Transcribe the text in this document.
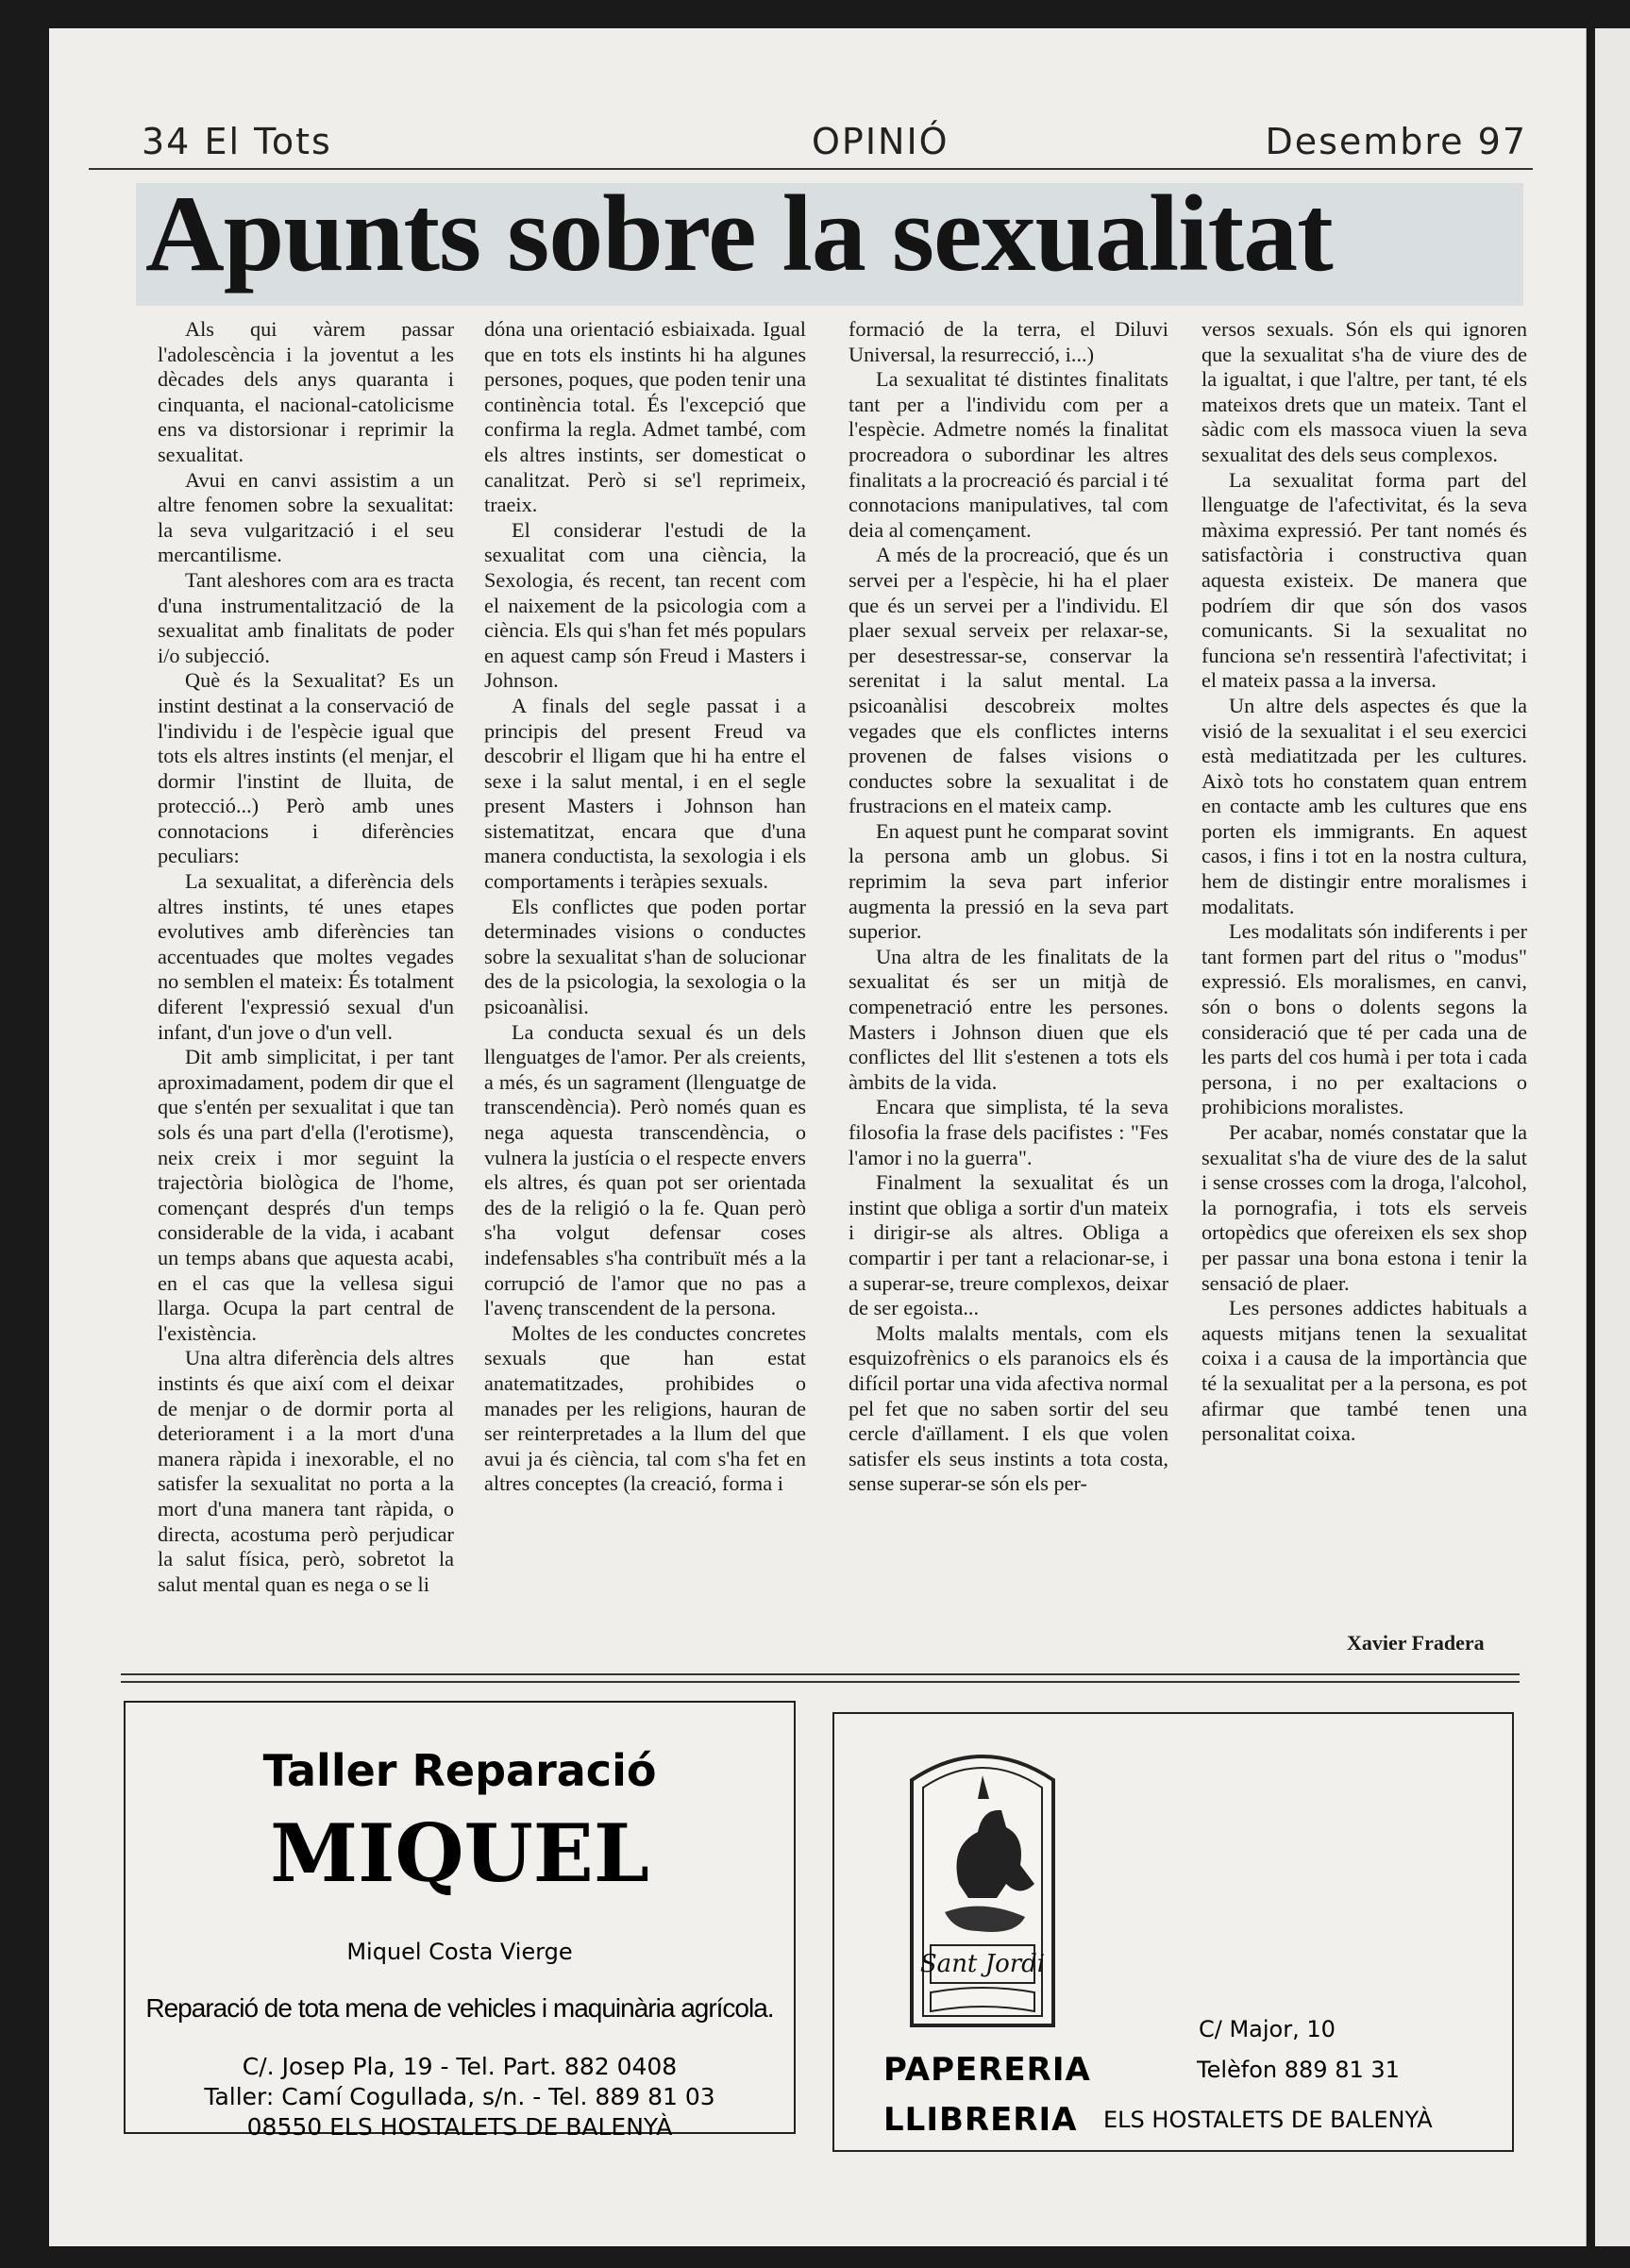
34 El Tots	OPINIÓ	Desembre 97
Apunts sobre la sexualitat

Als qui vàrem passar l'adolescència i la joventut a les dècades dels anys quaranta i cinquanta, el nacional-catolicisme ens va distorsionar i reprimir la sexualitat.

Avui en canvi assistim a un altre fenomen sobre la sexualitat: la seva vulgarització i el seu mercantilisme.

Tant aleshores com ara es tracta d'una instrumentalització de la sexualitat amb finalitats de poder i/o subjecció.

Què és la Sexualitat? Es un instint destinat a la conservació de l'individu i de l'espècie igual que tots els altres instints (el menjar, el dormir l'instint de lluita, de protecció...) Però amb unes connotacions i diferències peculiars:

La sexualitat, a diferència dels altres instints, té unes etapes evolutives amb diferències tan accentuades que moltes vegades no semblen el mateix: És totalment diferent l'expressió sexual d'un infant, d'un jove o d'un vell.

Dit amb simplicitat, i per tant aproximadament, podem dir que el que s'entén per sexualitat i que tan sols és una part d'ella (l'erotisme), neix creix i mor seguint la trajectòria biològica de l'home, començant després d'un temps considerable de la vida, i acabant un temps abans que aquesta acabi, en el cas que la vellesa sigui llarga. Ocupa la part central de l'existència.

Una altra diferència dels altres instints és que així com el deixar de menjar o de dormir porta al deteriorament i a la mort d'una manera ràpida i inexorable, el no satisfer la sexualitat no porta a la mort d'una manera tant ràpida, o directa, acostuma però perjudicar la salut física, però, sobretot la salut mental quan es nega o se li

dóna una orientació esbiaixada. Igual que en tots els instints hi ha algunes persones, poques, que poden tenir una continència total. És l'excepció que confirma la regla. Admet també, com els altres instints, ser domesticat o canalitzat. Però si se'l reprimeix, traeix.

El considerar l'estudi de la sexualitat com una ciència, la Sexologia, és recent, tan recent com el naixement de la psicologia com a ciència. Els qui s'han fet més populars en aquest camp són Freud i Masters i Johnson.

A finals del segle passat i a principis del present Freud va descobrir el lligam que hi ha entre el sexe i la salut mental, i en el segle present Masters i Johnson han sistematitzat, encara que d'una manera conductista, la sexologia i els comportaments i teràpies sexuals.

Els conflictes que poden portar determinades visions o conductes sobre la sexualitat s'han de solucionar des de la psicologia, la sexologia o la psicoanàlisi.

La conducta sexual és un dels llenguatges de l'amor. Per als creients, a més, és un sagrament (llenguatge de transcendència). Però només quan es nega aquesta transcendència, o vulnera la justícia o el respecte envers els altres, és quan pot ser orientada des de la religió o la fe. Quan però s'ha volgut defensar coses indefensables s'ha contribuït més a la corrupció de l'amor que no pas a l'avenç transcendent de la persona.

Moltes de les conductes concretes sexuals que han estat anatematitzades, prohibides o manades per les religions, hauran de ser reinterpretades a la llum del que avui ja és ciència, tal com s'ha fet en altres conceptes (la creació, forma i

formació de la terra, el Diluvi Universal, la resurrecció, i...)

La sexualitat té distintes finalitats tant per a l'individu com per a l'espècie. Admetre només la finalitat procreadora o subordinar les altres finalitats a la procreació és parcial i té connotacions manipulatives, tal com deia al començament.

A més de la procreació, que és un servei per a l'espècie, hi ha el plaer que és un servei per a l'individu. El plaer sexual serveix per relaxar-se, per desestressar-se, conservar la serenitat i la salut mental. La psicoanàlisi descobreix moltes vegades que els conflictes interns provenen de falses visions o conductes sobre la sexualitat i de frustracions en el mateix camp.

En aquest punt he comparat sovint la persona amb un globus. Si reprimim la seva part inferior augmenta la pressió en la seva part superior.

Una altra de les finalitats de la sexualitat és ser un mitjà de compenetració entre les persones. Masters i Johnson diuen que els conflictes del llit s'estenen a tots els àmbits de la vida.

Encara que simplista, té la seva filosofia la frase dels pacifistes : "Fes l'amor i no la guerra".

Finalment la sexualitat és un instint que obliga a sortir d'un mateix i dirigir-se als altres. Obliga a compartir i per tant a relacionar-se, i a superar-se, treure complexos, deixar de ser egoista...

Molts malalts mentals, com els esquizofrènics o els paranoics els és difícil portar una vida afectiva normal pel fet que no saben sortir del seu cercle d'aïllament. I els que volen satisfer els seus instints a tota costa, sense superar-se són els per-

versos sexuals. Són els qui ignoren que la sexualitat s'ha de viure des de la igualtat, i que l'altre, per tant, té els mateixos drets que un mateix. Tant el sàdic com els massoca viuen la seva sexualitat des dels seus complexos.

La sexualitat forma part del llenguatge de l'afectivitat, és la seva màxima expressió. Per tant només és satisfactòria i constructiva quan aquesta existeix. De manera que podríem dir que són dos vasos comunicants. Si la sexualitat no funciona se'n ressentirà l'afectivitat; i el mateix passa a la inversa.

Un altre dels aspectes és que la visió de la sexualitat i el seu exercici està mediatitzada per les cultures. Això tots ho constatem quan entrem en contacte amb les cultures que ens porten els immigrants. En aquest casos, i fins i tot en la nostra cultura, hem de distingir entre moralismes i modalitats.

Les modalitats són indiferents i per tant formen part del ritus o "modus" expressió. Els moralismes, en canvi, són o bons o dolents segons la consideració que té per cada una de les parts del cos humà i per tota i cada persona, i no per exaltacions o prohibicions moralistes.

Per acabar, només constatar que la sexualitat s'ha de viure des de la salut i sense crosses com la droga, l'alcohol, la pornografia, i tots els serveis ortopèdics que ofereixen els sex shop per passar una bona estona i tenir la sensació de plaer.

Les persones addictes habituals a aquests mitjans tenen la sexualitat coixa i a causa de la importància que té la sexualitat per a la persona, es pot afirmar que també tenen una personalitat coixa.

Xavier Fradera
Taller Reparació
MIQUEL
Miquel Costa Vierge
Reparació de tota mena de vehicles i maquinària agrícola.
C/. Josep Pla, 19 - Tel. Part. 882 0408
Taller: Camí Cogullada, s/n. - Tel. 889 81 03
08550 ELS HOSTALETS DE BALENYÀ
Sant Jordi
C/ Major, 10
PAPERERIA	Telèfon 889 81 31
LLIBRERIA ELS HOSTALETS DE BALENYÀ
